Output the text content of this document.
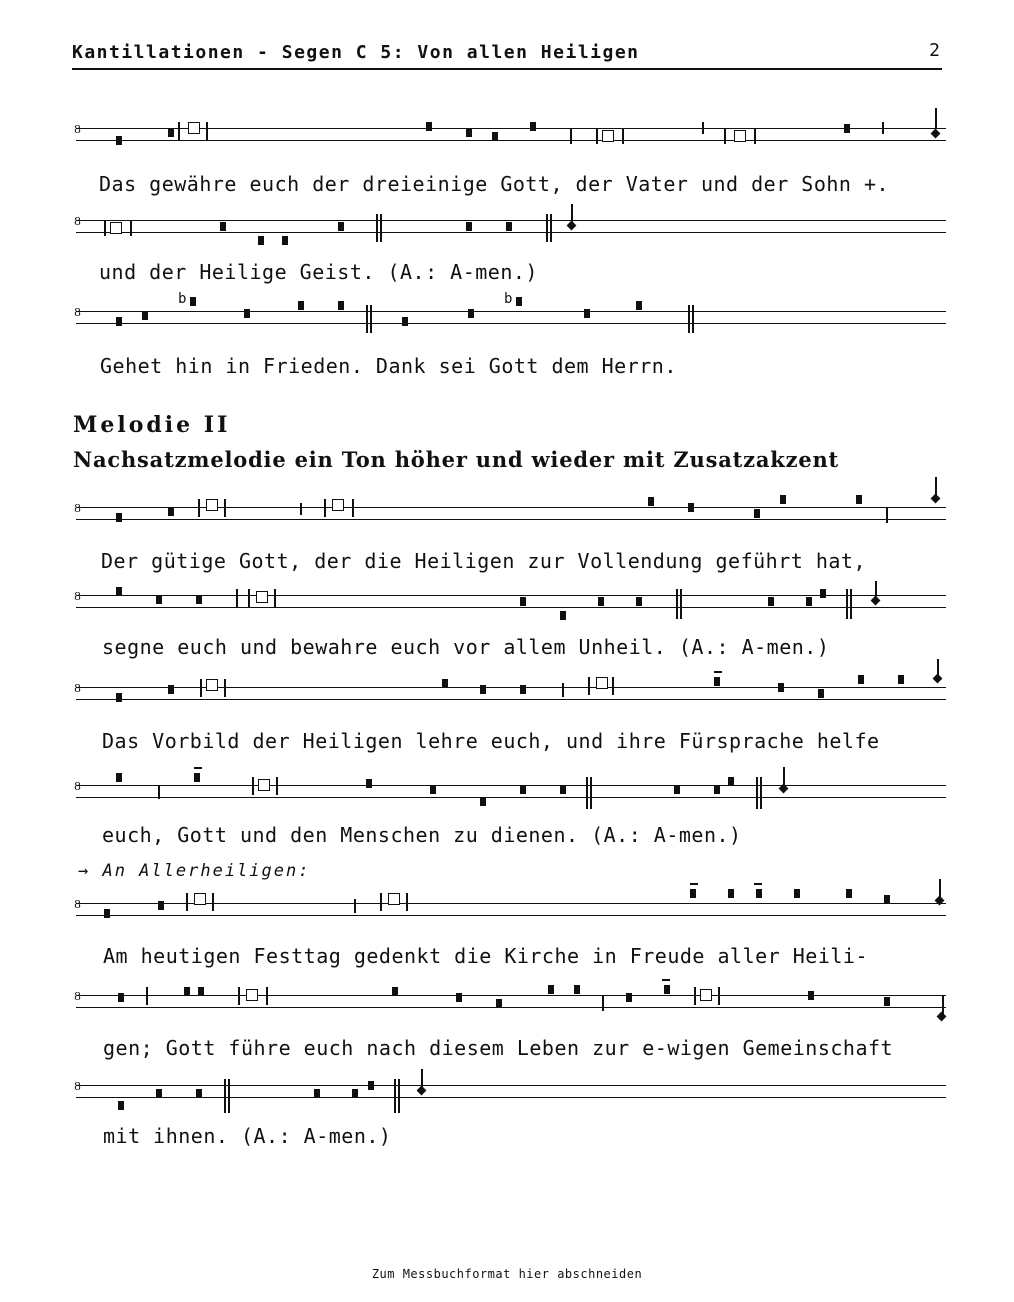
Kantillationen - Segen C 5: Von allen Heiligen	2
8
Das gewähre euch der dreieinige Gott, der Vater und der Sohn +.
8
und der Heilige Geist. (A.: A-men.)
8
b	b
Gehet hin in Frieden. Dank sei Gott dem Herrn.
Melodie II
Nachsatzmelodie ein Ton höher und wieder mit Zusatzakzent
8
Der gütige Gott, der die Heiligen zur Vollendung geführt hat,
8
segne euch und bewahre euch vor allem Unheil. (A.: A-men.)
8
Das Vorbild der Heiligen lehre euch, und ihre Fürsprache helfe
8
euch, Gott und den Menschen zu dienen. (A.: A-men.)
→ An Allerheiligen:
8
Am heutigen Festtag gedenkt die Kirche in Freude aller Heili-
8
gen; Gott führe euch nach diesem Leben zur e-wigen Gemeinschaft
8
mit ihnen. (A.: A-men.)
Zum Messbuchformat hier abschneiden
